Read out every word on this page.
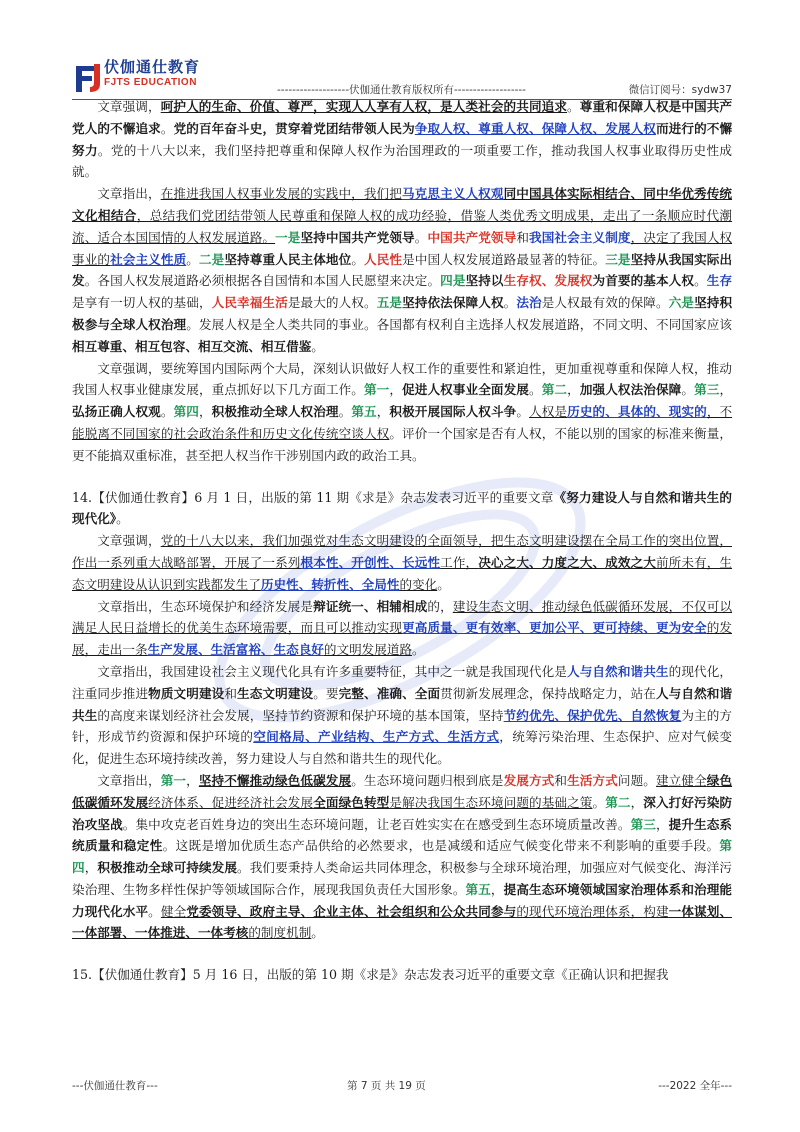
伏伽通仕教育
FJTS EDUCATION
-------------------伏伽通仕教育版权所有-------------------	微信订阅号：sydw37

文章强调，呵护人的生命、价值、尊严，实现人人享有人权，是人类社会的共同追求。尊重和保障人权是中国共产党人的不懈追求。党的百年奋斗史，贯穿着党团结带领人民为争取人权、尊重人权、保障人权、发展人权而进行的不懈努力。党的十八大以来，我们坚持把尊重和保障人权作为治国理政的一项重要工作，推动我国人权事业取得历史性成就。

文章指出，在推进我国人权事业发展的实践中，我们把马克思主义人权观同中国具体实际相结合、同中华优秀传统文化相结合，总结我们党团结带领人民尊重和保障人权的成功经验，借鉴人类优秀文明成果，走出了一条顺应时代潮流、适合本国国情的人权发展道路。一是坚持中国共产党领导。中国共产党领导和我国社会主义制度，决定了我国人权事业的社会主义性质。二是坚持尊重人民主体地位。人民性是中国人权发展道路最显著的特征。三是坚持从我国实际出发。各国人权发展道路必须根据各自国情和本国人民愿望来决定。四是坚持以生存权、发展权为首要的基本人权。生存是享有一切人权的基础，人民幸福生活是最大的人权。五是坚持依法保障人权。法治是人权最有效的保障。六是坚持积极参与全球人权治理。发展人权是全人类共同的事业。各国都有权利自主选择人权发展道路，不同文明、不同国家应该相互尊重、相互包容、相互交流、相互借鉴。

文章强调，要统筹国内国际两个大局，深刻认识做好人权工作的重要性和紧迫性，更加重视尊重和保障人权，推动我国人权事业健康发展，重点抓好以下几方面工作。第一，促进人权事业全面发展。第二，加强人权法治保障。第三，弘扬正确人权观。第四，积极推动全球人权治理。第五，积极开展国际人权斗争。人权是历史的、具体的、现实的，不能脱离不同国家的社会政治条件和历史文化传统空谈人权。评价一个国家是否有人权，不能以别的国家的标准来衡量，更不能搞双重标准，甚至把人权当作干涉别国内政的政治工具。

14.【伏伽通仕教育】6 月 1 日，出版的第 11 期《求是》杂志发表习近平的重要文章《努力建设人与自然和谐共生的现代化》。

文章强调，党的十八大以来，我们加强党对生态文明建设的全面领导，把生态文明建设摆在全局工作的突出位置，作出一系列重大战略部署，开展了一系列根本性、开创性、长远性工作，决心之大、力度之大、成效之大前所未有，生态文明建设从认识到实践都发生了历史性、转折性、全局性的变化。

文章指出，生态环境保护和经济发展是辩证统一、相辅相成的，建设生态文明、推动绿色低碳循环发展，不仅可以满足人民日益增长的优美生态环境需要，而且可以推动实现更高质量、更有效率、更加公平、更可持续、更为安全的发展，走出一条生产发展、生活富裕、生态良好的文明发展道路。

文章指出，我国建设社会主义现代化具有许多重要特征，其中之一就是我国现代化是人与自然和谐共生的现代化，注重同步推进物质文明建设和生态文明建设。要完整、准确、全面贯彻新发展理念，保持战略定力，站在人与自然和谐共生的高度来谋划经济社会发展，坚持节约资源和保护环境的基本国策，坚持节约优先、保护优先、自然恢复为主的方针，形成节约资源和保护环境的空间格局、产业结构、生产方式、生活方式，统筹污染治理、生态保护、应对气候变化，促进生态环境持续改善，努力建设人与自然和谐共生的现代化。

文章指出，第一，坚持不懈推动绿色低碳发展。生态环境问题归根到底是发展方式和生活方式问题。建立健全绿色低碳循环发展经济体系、促进经济社会发展全面绿色转型是解决我国生态环境问题的基础之策。第二，深入打好污染防治攻坚战。集中攻克老百姓身边的突出生态环境问题，让老百姓实实在在感受到生态环境质量改善。第三，提升生态系统质量和稳定性。这既是增加优质生态产品供给的必然要求，也是减缓和适应气候变化带来不利影响的重要手段。第四，积极推动全球可持续发展。我们要秉持人类命运共同体理念，积极参与全球环境治理，加强应对气候变化、海洋污染治理、生物多样性保护等领域国际合作，展现我国负责任大国形象。第五，提高生态环境领域国家治理体系和治理能力现代化水平。健全党委领导、政府主导、企业主体、社会组织和公众共同参与的现代环境治理体系，构建一体谋划、一体部署、一体推进、一体考核的制度机制。

15.【伏伽通仕教育】5 月 16 日，出版的第 10 期《求是》杂志发表习近平的重要文章《正确认识和把握我

---伏伽通仕教育---	第 7 页 共 19 页	---2022 全年---
